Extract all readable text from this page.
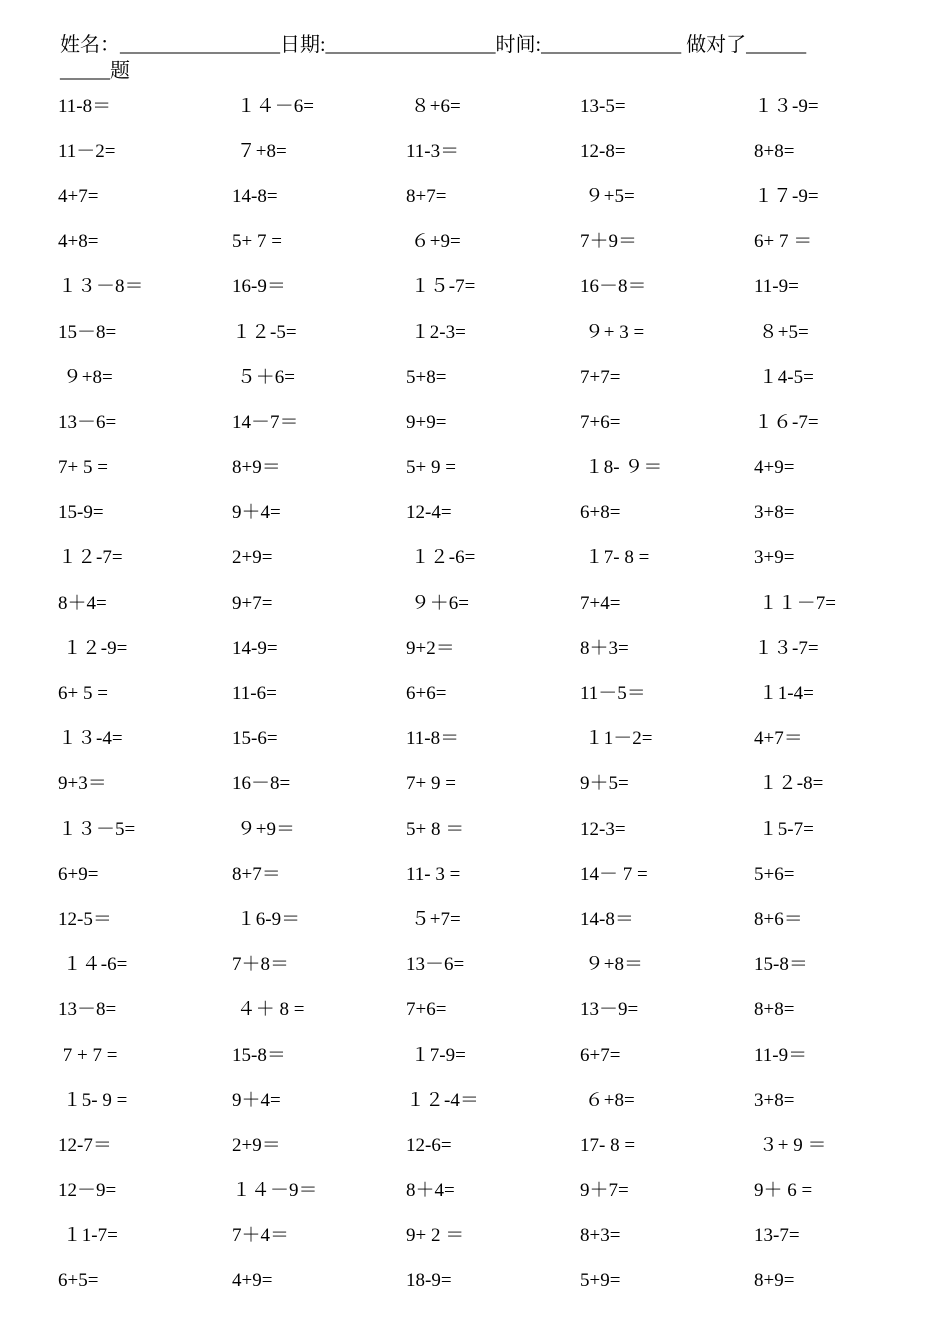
姓名：________________日期:_________________时间:______________ 做对了______
_____题
11-8＝	１４－6=	８+6=	13-5=	１３-9=
11－2=	７+8=	11-3＝	12-8=	8+8=
4+7=	14-8=	8+7=	９+5=	１７-9=
4+8=	5+ 7 =	６+9=	7＋9＝	6+ 7 ＝
１３－8＝	16-9＝	１５-7=	16－8＝	11-9=
15－8=	１２-5=	１2-3=	９+ 3 =	８+5=
９+8=	５＋6=	5+8=	7+7=	１4-5=
13－6=	14－7＝	9+9=	7+6=	１６-7=
7+ 5 =	8+9＝	5+ 9 =	１8- ９＝	4+9=
15-9=	9＋4=	12-4=	6+8=	3+8=
１２-7=	2+9=	１２-6=	１7- 8 =	3+9=
8＋4=	9+7=	９＋6=	7+4=	１１－7=
１２-9=	14-9=	9+2＝	8＋3=	１３-7=
6+ 5 =	11-6=	6+6=	11－5＝	１1-4=
１３-4=	15-6=	11-8＝	１1－2=	4+7＝
9+3＝	16－8=	7+ 9 =	9＋5=	１２-8=
１３－5=	９+9＝	5+ 8 ＝	12-3=	１5-7=
6+9=	8+7＝	11- 3 =	14－ 7 =	5+6=
12-5＝	１6-9＝	５+7=	14-8＝	8+6＝
１４-6=	7＋8＝	13－6=	９+8＝	15-8＝
13－8=	４＋ 8 =	7+6=	13－9=	8+8=
7 + 7 =	15-8＝	１7-9=	6+7=	11-9＝
１5- 9 =	9＋4=	１２-4＝	６+8=	3+8=
12-7＝	2+9＝	12-6=	17- 8 =	３+ 9 ＝
12－9=	１４－9＝	8＋4=	9＋7=	9＋ 6 =
１1-7=	7＋4＝	9+ 2 ＝	8+3=	13-7=
6+5=	4+9=	18-9=	5+9=	8+9=
